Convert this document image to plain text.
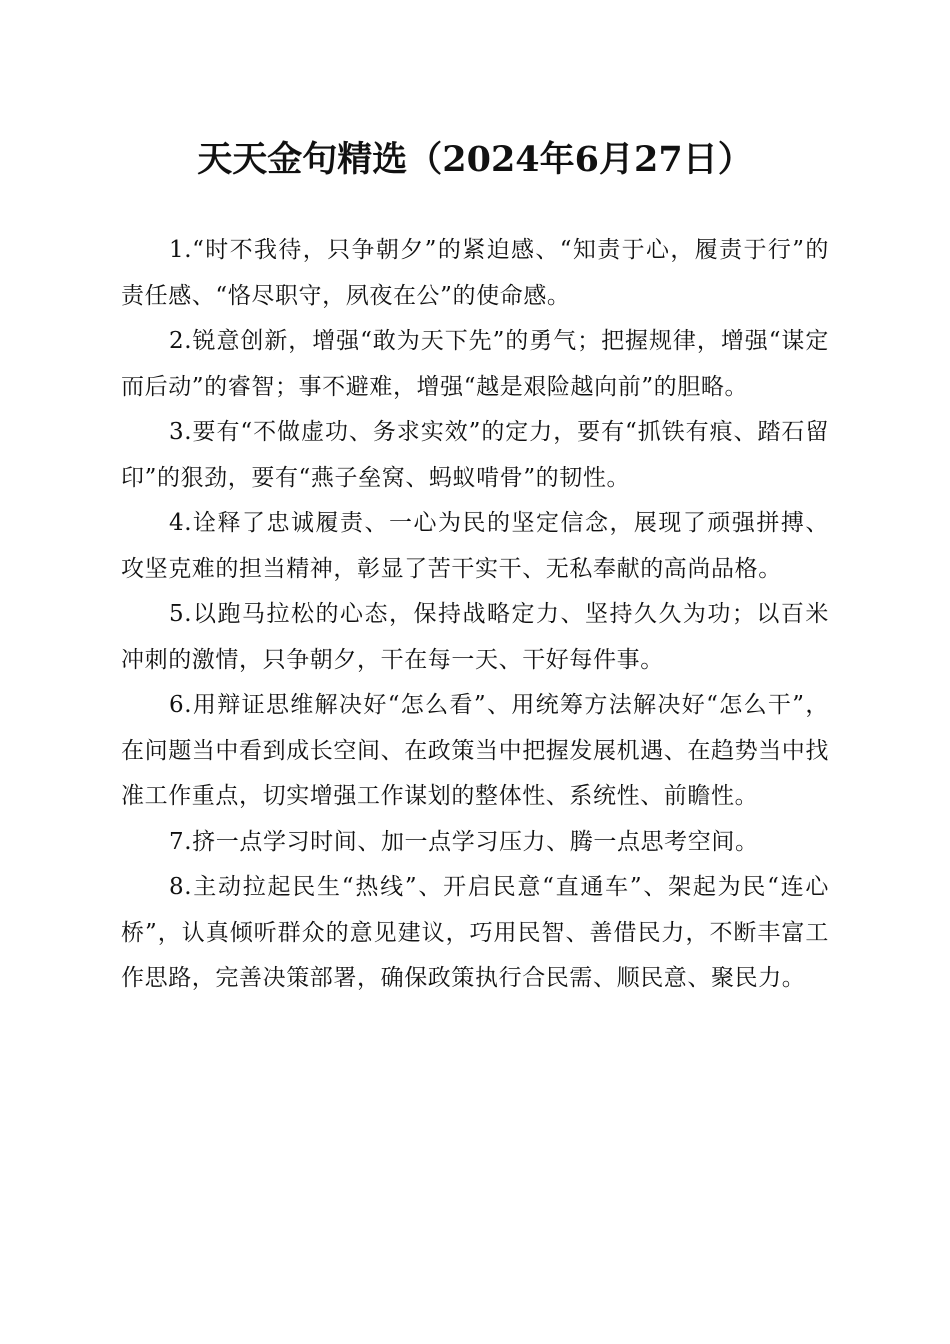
天天金句精选（2024年6月27日）

1.“时不我待，只争朝夕”的紧迫感、“知责于心，履责于行”的责任感、“恪尽职守，夙夜在公”的使命感。

2.锐意创新，增强“敢为天下先”的勇气；把握规律，增强“谋定而后动”的睿智；事不避难，增强“越是艰险越向前”的胆略。

3.要有“不做虚功、务求实效”的定力，要有“抓铁有痕、踏石留印”的狠劲，要有“燕子垒窝、蚂蚁啃骨”的韧性。

4.诠释了忠诚履责、一心为民的坚定信念，展现了顽强拼搏、攻坚克难的担当精神，彰显了苦干实干、无私奉献的高尚品格。

5.以跑马拉松的心态，保持战略定力、坚持久久为功；以百米冲刺的激情，只争朝夕，干在每一天、干好每件事。

6.用辩证思维解决好“怎么看”、用统筹方法解决好“怎么干”，在问题当中看到成长空间、在政策当中把握发展机遇、在趋势当中找准工作重点，切实增强工作谋划的整体性、系统性、前瞻性。

7.挤一点学习时间、加一点学习压力、腾一点思考空间。

8.主动拉起民生“热线”、开启民意“直通车”、架起为民“连心桥”，认真倾听群众的意见建议，巧用民智、善借民力，不断丰富工作思路，完善决策部署，确保政策执行合民需、顺民意、聚民力。
